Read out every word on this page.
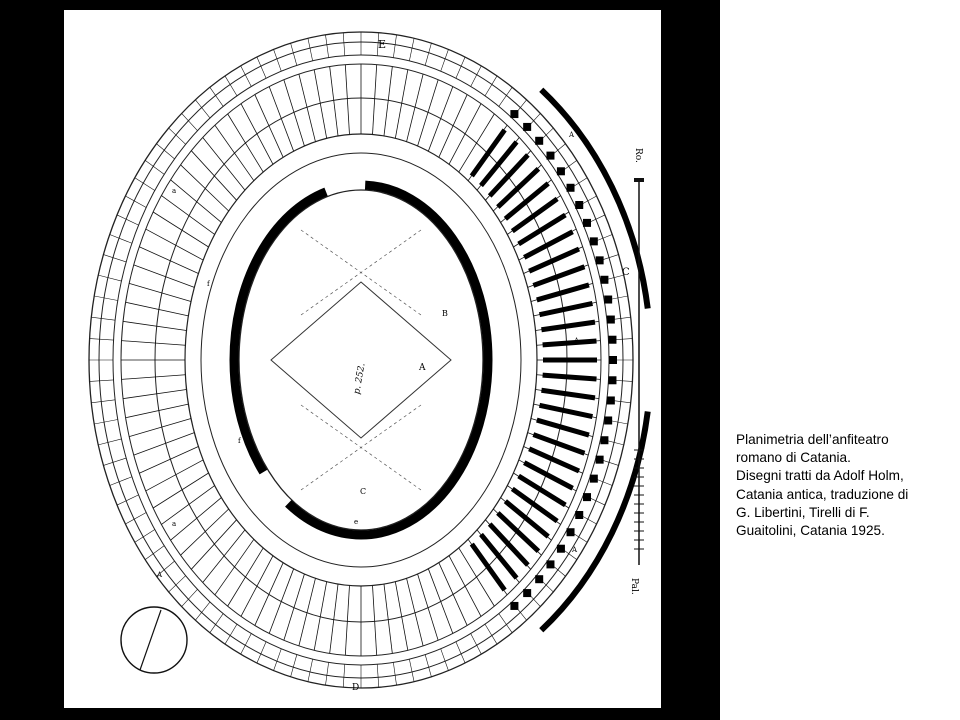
E
C
Ro.
Pal.
p. 252.	A
B
C
a
a
d
e
f
f
A
A
A
A
D
Planimetria dell’anfiteatro
romano di Catania.
Disegni tratti da Adolf Holm,
Catania antica, traduzione di
G. Libertini, Tirelli di F.
Guaitolini, Catania 1925.
